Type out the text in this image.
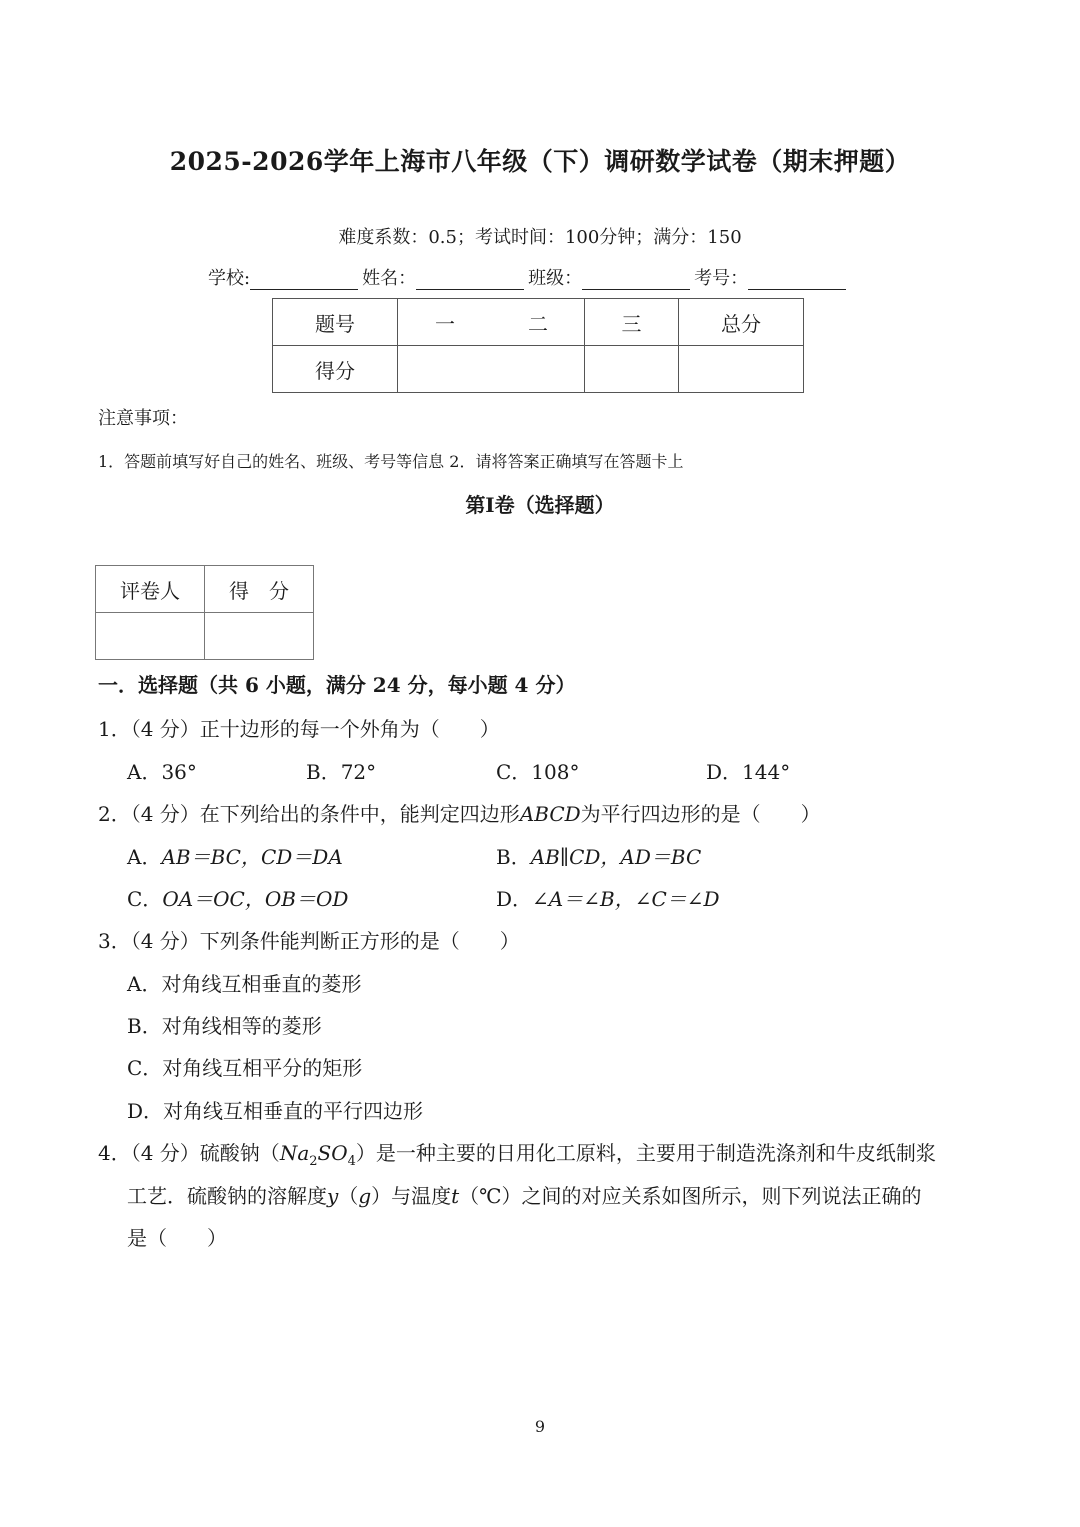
2025-2026学年上海市八年级（下）调研数学试卷（期末押题）
难度系数：0.5；考试时间：100分钟；满分：150
学校:	姓名：	班级：	考号：
题号	一	二	三	总分
得分				
注意事项：
1．答题前填写好自己的姓名、班级、考号等信息 2．请将答案正确填写在答题卡上
第Ⅰ卷（选择题）
评卷人	得　分

一．选择题（共 6 小题，满分 24 分，每小题 4 分）
1．（4 分）正十边形的每一个外角为（　　）
A．36°	B．72°	C．108°	D．144°
2．（4 分）在下列给出的条件中，能判定四边形ABCD为平行四边形的是（　　）
A．AB＝BC，CD＝DA	B．AB∥CD，AD＝BC
C．OA＝OC，OB＝OD	D．∠A＝∠B，∠C＝∠D
3．（4 分）下列条件能判断正方形的是（　　）
A．对角线互相垂直的菱形
B．对角线相等的菱形
C．对角线互相平分的矩形
D．对角线互相垂直的平行四边形
4．（4 分）硫酸钠$(Na_2SO_4)$是一种主要的日用化工原料，主要用于制造洗涤剂和牛皮纸制浆
工艺．硫酸钠的溶解度y（g）与温度t（℃）之间的对应关系如图所示，则下列说法正确的
是（　　）
9
